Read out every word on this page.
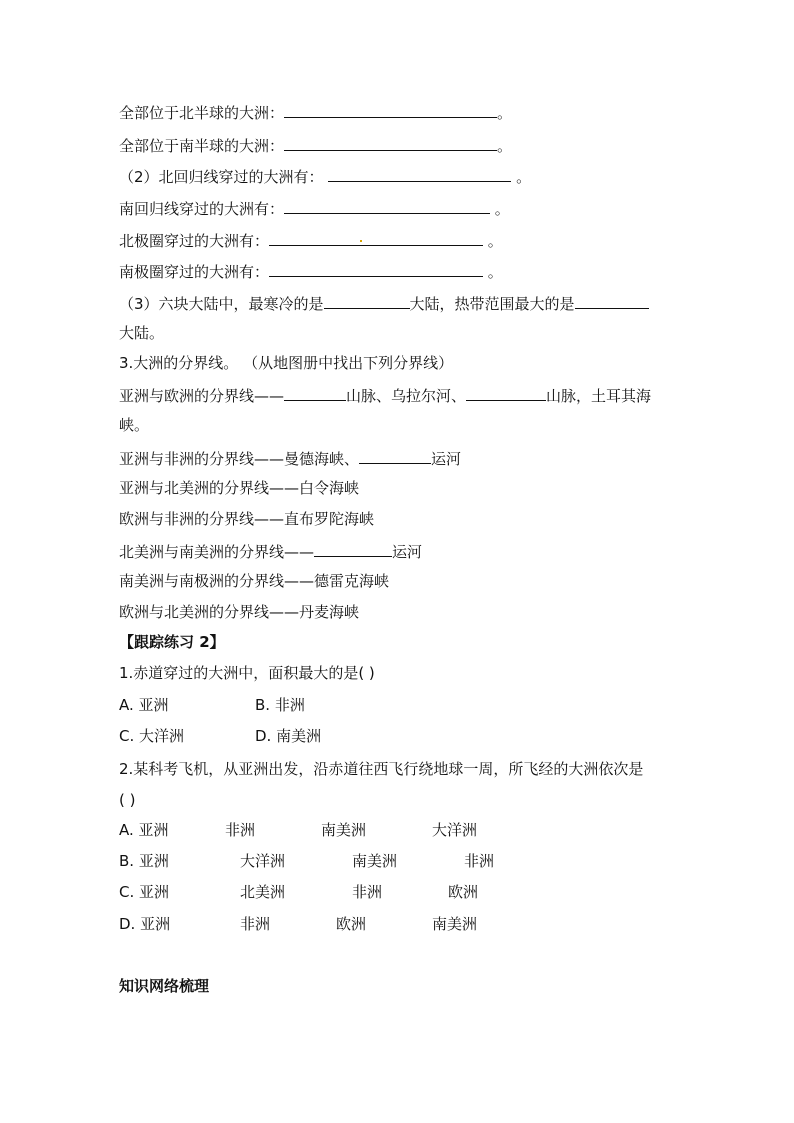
全部位于北半球的大洲：	。
全部位于南半球的大洲：	。
（2）北回归线穿过的大洲有：	。
南回归线穿过的大洲有：	。
北极圈穿过的大洲有：	。
南极圈穿过的大洲有：	。
（3）六块大陆中，最寒冷的是	大陆，热带范围最大的是
大陆。
3.大洲的分界线。 （从地图册中找出下列分界线）
亚洲与欧洲的分界线——	山脉、乌拉尔河、	山脉，土耳其海
峡。
亚洲与非洲的分界线——曼德海峡、	运河
亚洲与北美洲的分界线——白令海峡
欧洲与非洲的分界线——直布罗陀海峡
北美洲与南美洲的分界线——	运河
南美洲与南极洲的分界线——德雷克海峡
欧洲与北美洲的分界线——丹麦海峡
【跟踪练习 2】
1.赤道穿过的大洲中，面积最大的是( )
A. 亚洲	B. 非洲
C. 大洋洲	D. 南美洲
2.某科考飞机，从亚洲出发，沿赤道往西飞行绕地球一周，所飞经的大洲依次是
( )
A. 亚洲	非洲	南美洲	大洋洲
B. 亚洲	大洋洲	南美洲	非洲
C. 亚洲	北美洲	非洲	欧洲
D. 亚洲	非洲	欧洲	南美洲
知识网络梳理
